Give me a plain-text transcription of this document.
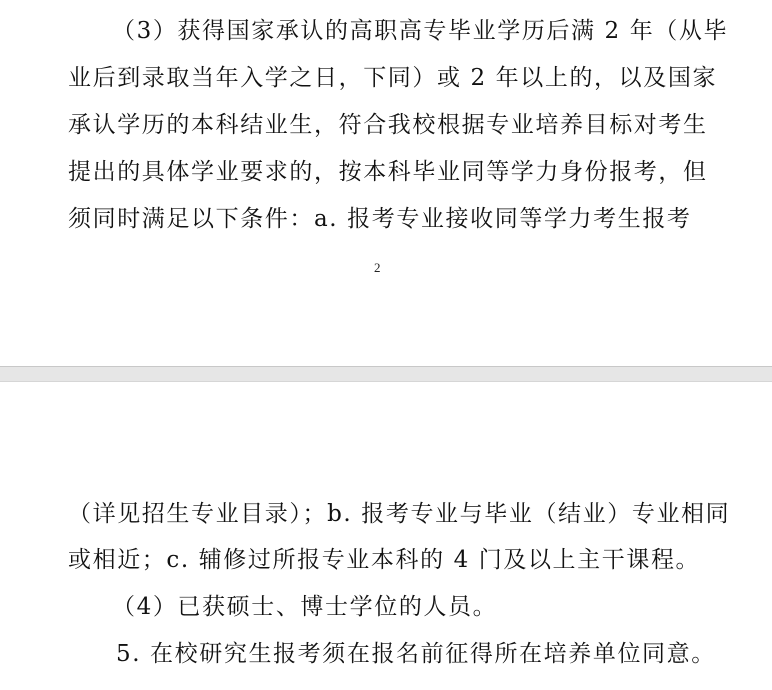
（3）获得国家承认的高职高专毕业学历后满 2 年（从毕
业后到录取当年入学之日，下同）或 2 年以上的，以及国家
承认学历的本科结业生，符合我校根据专业培养目标对考生
提出的具体学业要求的，按本科毕业同等学力身份报考，但
须同时满足以下条件：a. 报考专业接收同等学力考生报考
2
（详见招生专业目录）；b. 报考专业与毕业（结业）专业相同
或相近；c. 辅修过所报专业本科的 4 门及以上主干课程。
（4）已获硕士、博士学位的人员。
5. 在校研究生报考须在报名前征得所在培养单位同意。
